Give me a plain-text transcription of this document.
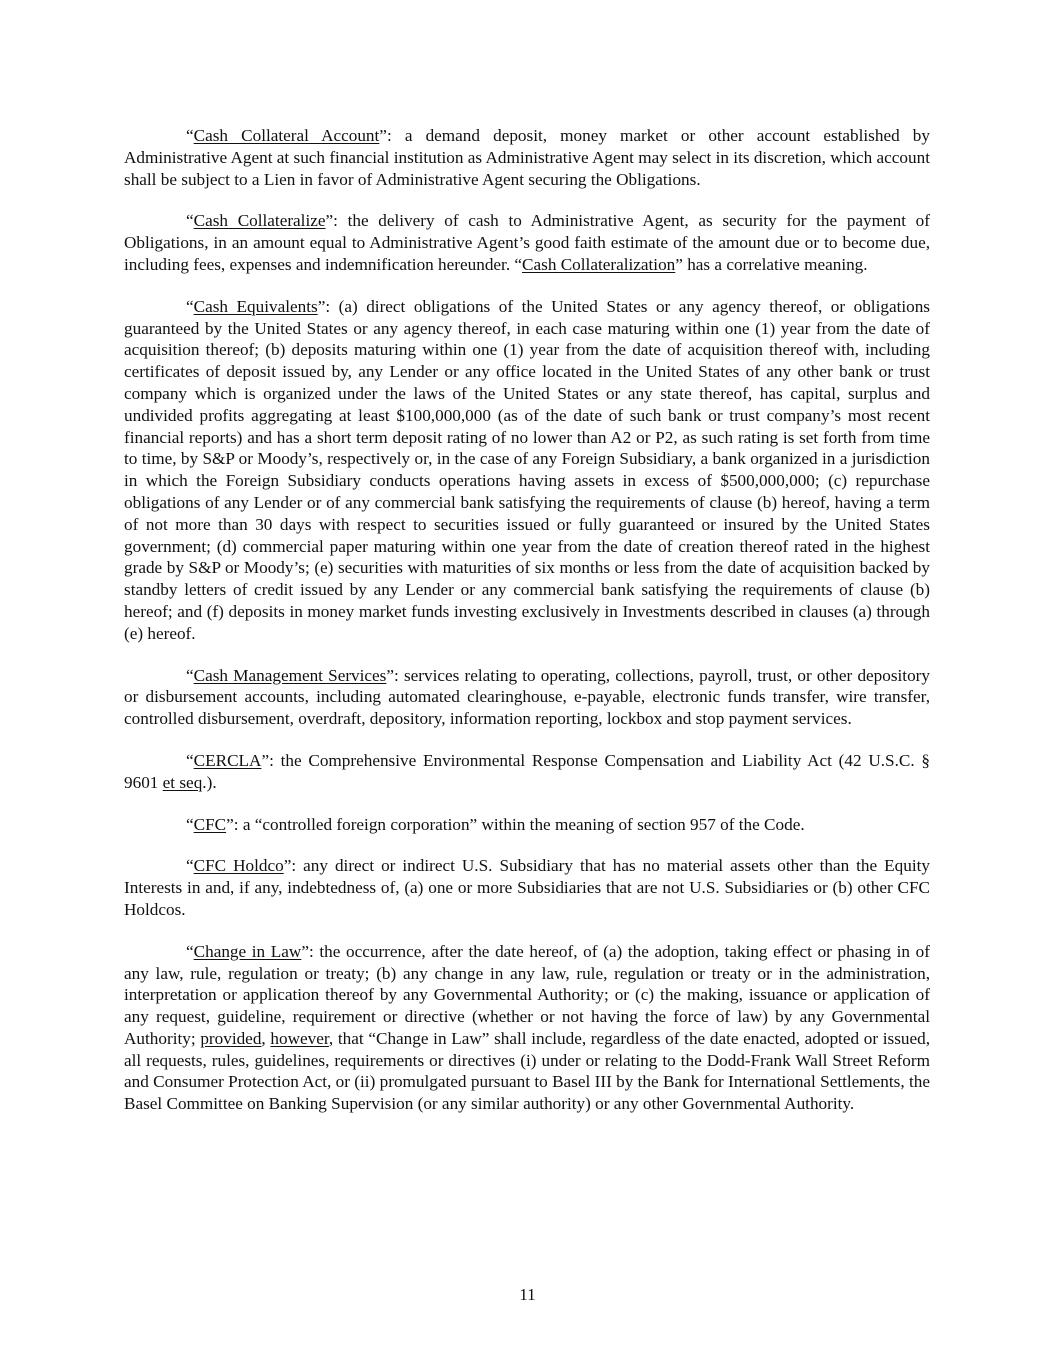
“Cash Collateral Account”: a demand deposit, money market or other account established by Administrative Agent at such financial institution as Administrative Agent may select in its discretion, which account shall be subject to a Lien in favor of Administrative Agent securing the Obligations.

“Cash Collateralize”: the delivery of cash to Administrative Agent, as security for the payment of Obligations, in an amount equal to Administrative Agent’s good faith estimate of the amount due or to become due, including fees, expenses and indemnification hereunder. “Cash Collateralization” has a correlative meaning.

“Cash Equivalents”: (a) direct obligations of the United States or any agency thereof, or obligations guaranteed by the United States or any agency thereof, in each case maturing within one (1) year from the date of acquisition thereof; (b) deposits maturing within one (1) year from the date of acquisition thereof with, including certificates of deposit issued by, any Lender or any office located in the United States of any other bank or trust company which is organized under the laws of the United States or any state thereof, has capital, surplus and undivided profits aggregating at least $100,000,000 (as of the date of such bank or trust company’s most recent financial reports) and has a short term deposit rating of no lower than A2 or P2, as such rating is set forth from time to time, by S&P or Moody’s, respectively or, in the case of any Foreign Subsidiary, a bank organized in a jurisdiction in which the Foreign Subsidiary conducts operations having assets in excess of $500,000,000; (c) repurchase obligations of any Lender or of any commercial bank satisfying the requirements of clause (b) hereof, having a term of not more than 30 days with respect to securities issued or fully guaranteed or insured by the United States government; (d) commercial paper maturing within one year from the date of creation thereof rated in the highest grade by S&P or Moody’s; (e) securities with maturities of six months or less from the date of acquisition backed by standby letters of credit issued by any Lender or any commercial bank satisfying the requirements of clause (b) hereof; and (f) deposits in money market funds investing exclusively in Investments described in clauses (a) through (e) hereof.

“Cash Management Services”: services relating to operating, collections, payroll, trust, or other depository or disbursement accounts, including automated clearinghouse, e-payable, electronic funds transfer, wire transfer, controlled disbursement, overdraft, depository, information reporting, lockbox and stop payment services.

“CERCLA”: the Comprehensive Environmental Response Compensation and Liability Act (42 U.S.C. § 9601 et seq.).

“CFC”: a “controlled foreign corporation” within the meaning of section 957 of the Code.

“CFC Holdco”: any direct or indirect U.S. Subsidiary that has no material assets other than the Equity Interests in and, if any, indebtedness of, (a) one or more Subsidiaries that are not U.S. Subsidiaries or (b) other CFC Holdcos.

“Change in Law”: the occurrence, after the date hereof, of (a) the adoption, taking effect or phasing in of any law, rule, regulation or treaty; (b) any change in any law, rule, regulation or treaty or in the administration, interpretation or application thereof by any Governmental Authority; or (c) the making, issuance or application of any request, guideline, requirement or directive (whether or not having the force of law) by any Governmental Authority; provided, however, that “Change in Law” shall include, regardless of the date enacted, adopted or issued, all requests, rules, guidelines, requirements or directives (i) under or relating to the Dodd-Frank Wall Street Reform and Consumer Protection Act, or (ii) promulgated pursuant to Basel III by the Bank for International Settlements, the Basel Committee on Banking Supervision (or any similar authority) or any other Governmental Authority.

11
